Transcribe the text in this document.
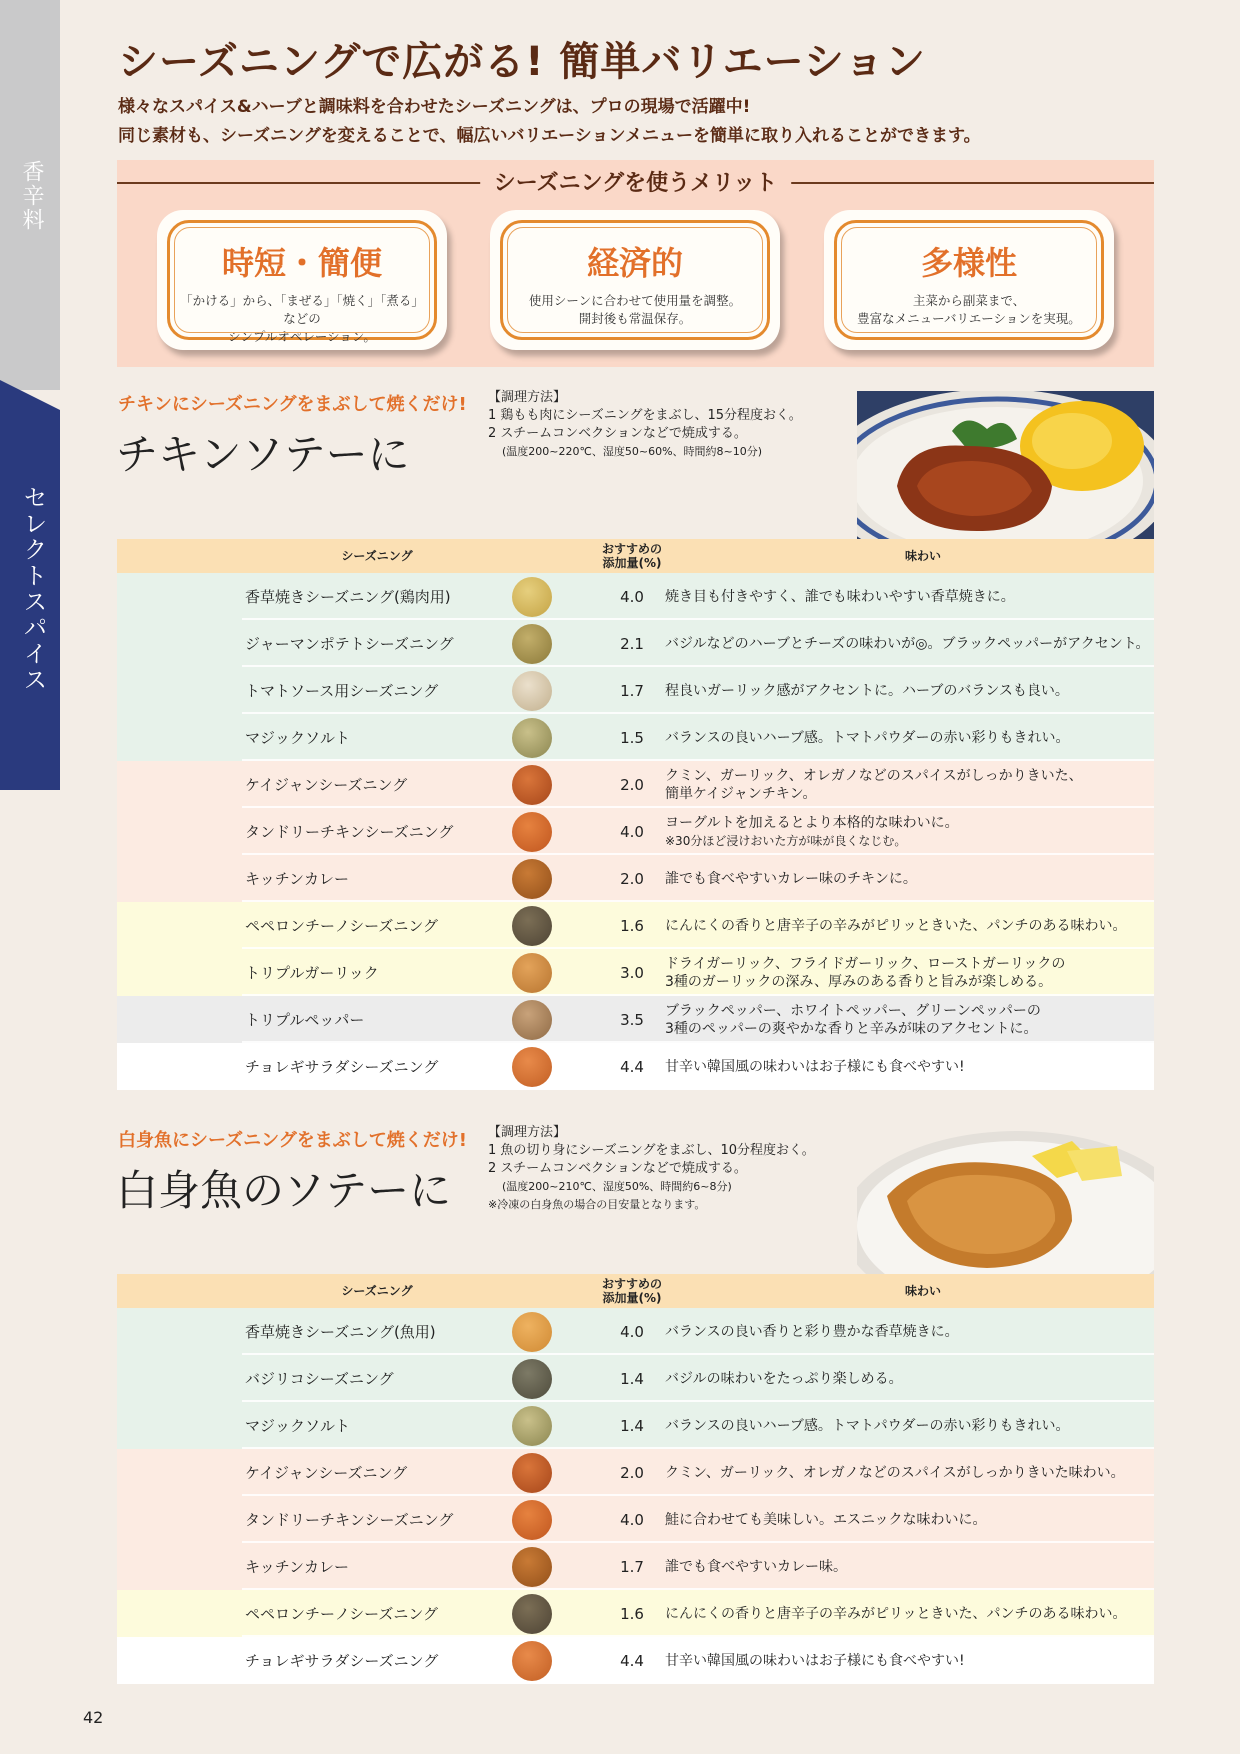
香辛料
セレクトスパイス
シーズニングで広がる! 簡単バリエーション
様々なスパイス&ハーブと調味料を合わせたシーズニングは、プロの現場で活躍中!
同じ素材も、シーズニングを変えることで、幅広いバリエーションメニューを簡単に取り入れることができます。
シーズニングを使うメリット
時短・簡便
「かける」から、「まぜる」「焼く」「煮る」などの
シンプルオペレーション。
経済的
使用シーンに合わせて使用量を調整。
開封後も常温保存。
多様性
主菜から副菜まで、
豊富なメニューバリエーションを実現。
チキンにシーズニングをまぶして焼くだけ!
チキンソテーに
【調理方法】
1 鶏もも肉にシーズニングをまぶし、15分程度おく。
2 スチームコンベクションなどで焼成する。
(温度200~220℃、湿度50~60%、時間約8~10分)
シーズニング	おすすめの
添加量(%)	味わい
香草焼きシーズニング(鶏肉用)	4.0	焼き目も付きやすく、誰でも味わいやすい香草焼きに。
ジャーマンポテトシーズニング	2.1	バジルなどのハーブとチーズの味わいが◎。ブラックペッパーがアクセント。
トマトソース用シーズニング	1.7	程良いガーリック感がアクセントに。ハーブのバランスも良い。
マジックソルト	1.5	バランスの良いハーブ感。トマトパウダーの赤い彩りもきれい。
ケイジャンシーズニング	2.0	クミン、ガーリック、オレガノなどのスパイスがしっかりきいた、
簡単ケイジャンチキン。
タンドリーチキンシーズニング	4.0	ヨーグルトを加えるとより本格的な味わいに。
※30分ほど浸けおいた方が味が良くなじむ。
キッチンカレー	2.0	誰でも食べやすいカレー味のチキンに。
ペペロンチーノシーズニング	1.6	にんにくの香りと唐辛子の辛みがピリッときいた、パンチのある味わい。
トリプルガーリック	3.0	ドライガーリック、フライドガーリック、ローストガーリックの
3種のガーリックの深み、厚みのある香りと旨みが楽しめる。
トリプルペッパー	3.5	ブラックペッパー、ホワイトペッパー、グリーンペッパーの
3種のペッパーの爽やかな香りと辛みが味のアクセントに。
チョレギサラダシーズニング	4.4	甘辛い韓国風の味わいはお子様にも食べやすい!
白身魚にシーズニングをまぶして焼くだけ!
白身魚のソテーに
【調理方法】
1 魚の切り身にシーズニングをまぶし、10分程度おく。
2 スチームコンベクションなどで焼成する。
(温度200~210℃、湿度50%、時間約6~8分)
※冷凍の白身魚の場合の目安量となります。
シーズニング	おすすめの
添加量(%)	味わい
香草焼きシーズニング(魚用)	4.0	バランスの良い香りと彩り豊かな香草焼きに。
バジリコシーズニング	1.4	バジルの味わいをたっぷり楽しめる。
マジックソルト	1.4	バランスの良いハーブ感。トマトパウダーの赤い彩りもきれい。
ケイジャンシーズニング	2.0	クミン、ガーリック、オレガノなどのスパイスがしっかりきいた味わい。
タンドリーチキンシーズニング	4.0	鮭に合わせても美味しい。エスニックな味わいに。
キッチンカレー	1.7	誰でも食べやすいカレー味。
ペペロンチーノシーズニング	1.6	にんにくの香りと唐辛子の辛みがピリッときいた、パンチのある味わい。
チョレギサラダシーズニング	4.4	甘辛い韓国風の味わいはお子様にも食べやすい!
42
